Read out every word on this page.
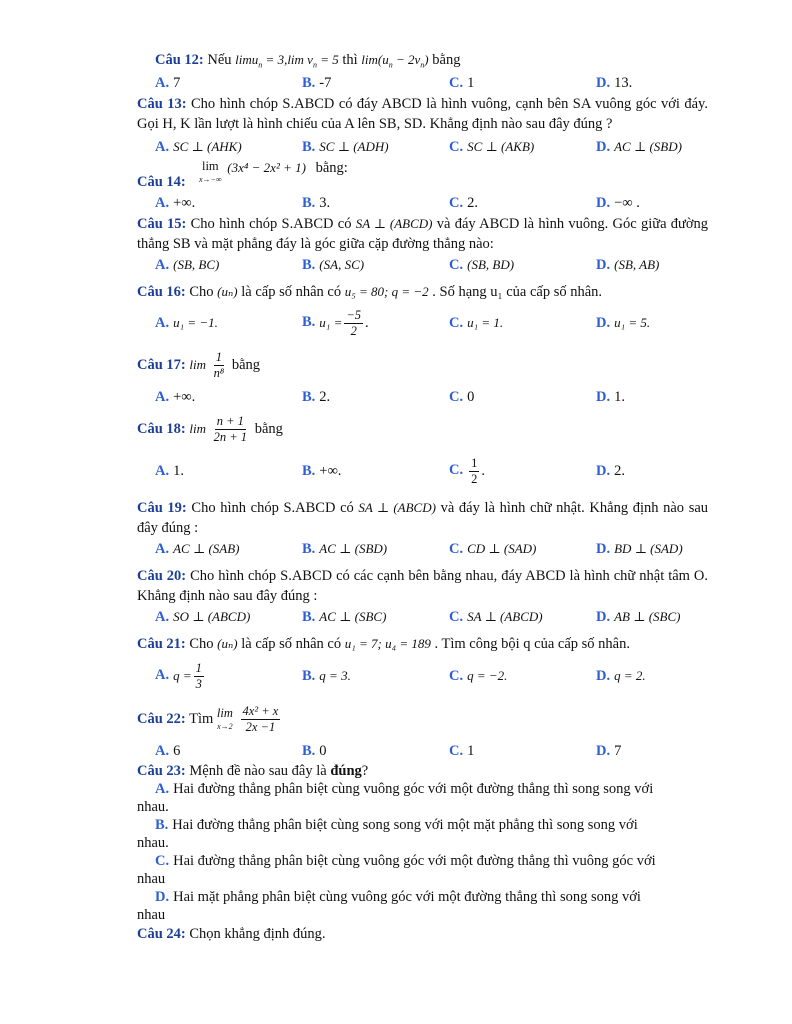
Câu 12: Nếu limu$_n$ = 3,lim $v_n = 5$ thì $\lim(u_n - 2v_n)$ bằng
A. 7	B. -7	C. 1	D. 13.
Câu 13: Cho hình chóp S.ABCD có đáy ABCD là hình vuông, cạnh bên SA vuông góc với đáy. Gọi H, K lần lượt là hình chiếu của A lên SB, SD. Khẳng định nào sau đây đúng ?
A. SC ⊥ (AHK)	B. SC ⊥ (ADH)	C. SC ⊥ (AKB)	D. AC ⊥ (SBD)
Câu 14:
lim
x→−∞
(3x⁴ − 2x² + 1) bằng:
A. +∞.	B. 3.	C. 2.	D. −∞ .
Câu 15: Cho hình chóp S.ABCD có SA ⊥ (ABCD) và đáy ABCD là hình vuông. Góc giữa đường thẳng SB và mặt phẳng đáy là góc giữa cặp đường thẳng nào:
A. (SB, BC)	B. (SA, SC)	C. (SB, BD)	D. (SB, AB)
Câu 16: Cho (uₙ) là cấp số nhân có u₅ = 80; q = −2 . Số hạng u₁ của cấp số nhân.
A. u₁ = −1.	B. $u_1 = \frac{-5}{2}$ .	C. u₁ = 1.	D. u₁ = 5.
Câu 17: $\lim \frac{1}{\text{n⁸}}$ bằng
A. +∞.	B. 2.	C. 0	D. 1.
Câu 18: $\lim \frac{n + 1}{2n + 1}$ bằng
A. 1.	B. +∞.	C. $\frac{1}{2}$ .	D. 2.
Câu 19: Cho hình chóp S.ABCD có SA ⊥ (ABCD) và đáy là hình chữ nhật. Khẳng định nào sau đây đúng :
A. AC ⊥ (SAB)	B. AC ⊥ (SBD)	C. CD ⊥ (SAD)	D. BD ⊥ (SAD)
Câu 20: Cho hình chóp S.ABCD có các cạnh bên bằng nhau, đáy ABCD là hình chữ nhật tâm O. Khẳng định nào sau đây đúng :
A. SO ⊥ (ABCD)	B. AC ⊥ (SBC)	C. SA ⊥ (ABCD)	D. AB ⊥ (SBC)
Câu 21: Cho (uₙ) là cấp số nhân có u₁ = 7; u₄ = 189 . Tìm công bội q của cấp số nhân.
A. $q = \frac{1}{3}$	B. q = 3.	C. q = −2.	D. q = 2.
Câu 22: Tìm lim
x→2
$\frac{\text{4x² + x}}{2x -1}$
A. 6	B. 0	C. 1	D. 7
Câu 23: Mệnh đề nào sau đây là đúng?
A. Hai đường thẳng phân biệt cùng vuông góc với một đường thẳng thì song song với
nhau.
B. Hai đường thẳng phân biệt cùng song song với một mặt phẳng thì song song với
nhau.
C. Hai đường thẳng phân biệt cùng vuông góc với một đường thẳng thì vuông góc với
nhau
D. Hai mặt phẳng phân biệt cùng vuông góc với một đường thẳng thì song song với
nhau
Câu 24: Chọn khẳng định đúng.
